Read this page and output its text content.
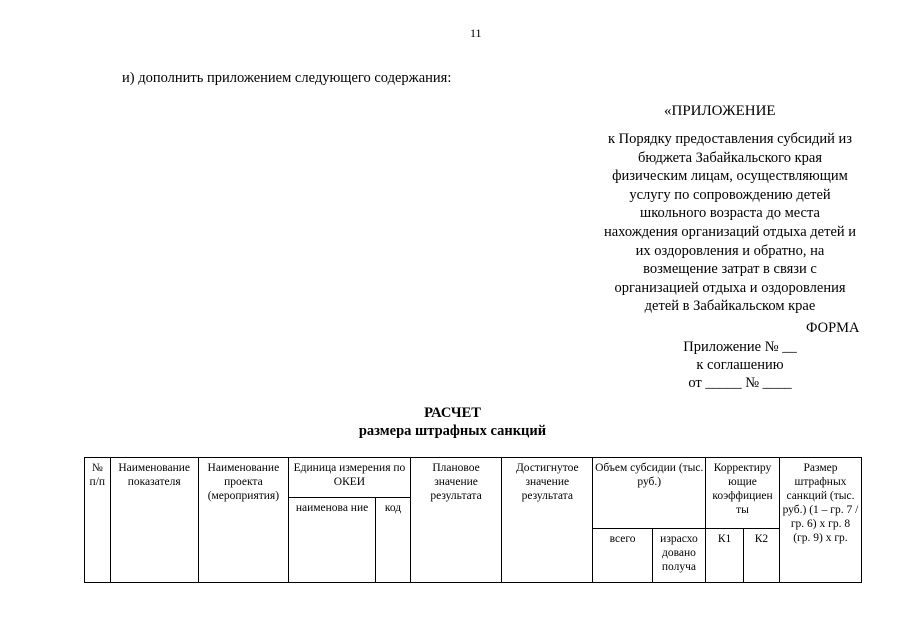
11
и) дополнить приложением следующего содержания:
«ПРИЛОЖЕНИЕ
к Порядку предоставления субсидий из
бюджета Забайкальского края
физическим лицам, осуществляющим
услугу по сопровождению детей
школьного возраста до места
нахождения организаций отдыха детей и
их оздоровления и обратно, на
возмещение затрат в связи с
организацией отдыха и оздоровления
детей в Забайкальском крае
ФОРМА
Приложение № __
к соглашению
от _____ № ____
РАСЧЕТ
размера штрафных санкций
№ п/п	Наименование показателя	Наименование проекта (мероприятия)	Единица измерения по ОКЕИ		Плановое значение результата	Достигнутое значение результата	Объем субсидии (тыс. руб.)		Корректиру ющие коэффициен ты		Размер штрафных санкций (тыс. руб.) (1 – гр. 7 / гр. 6) х гр. 8 (гр. 9) х гр.
			наименова ние	код							
							всего	израсхо довано получа	К1	К2	
